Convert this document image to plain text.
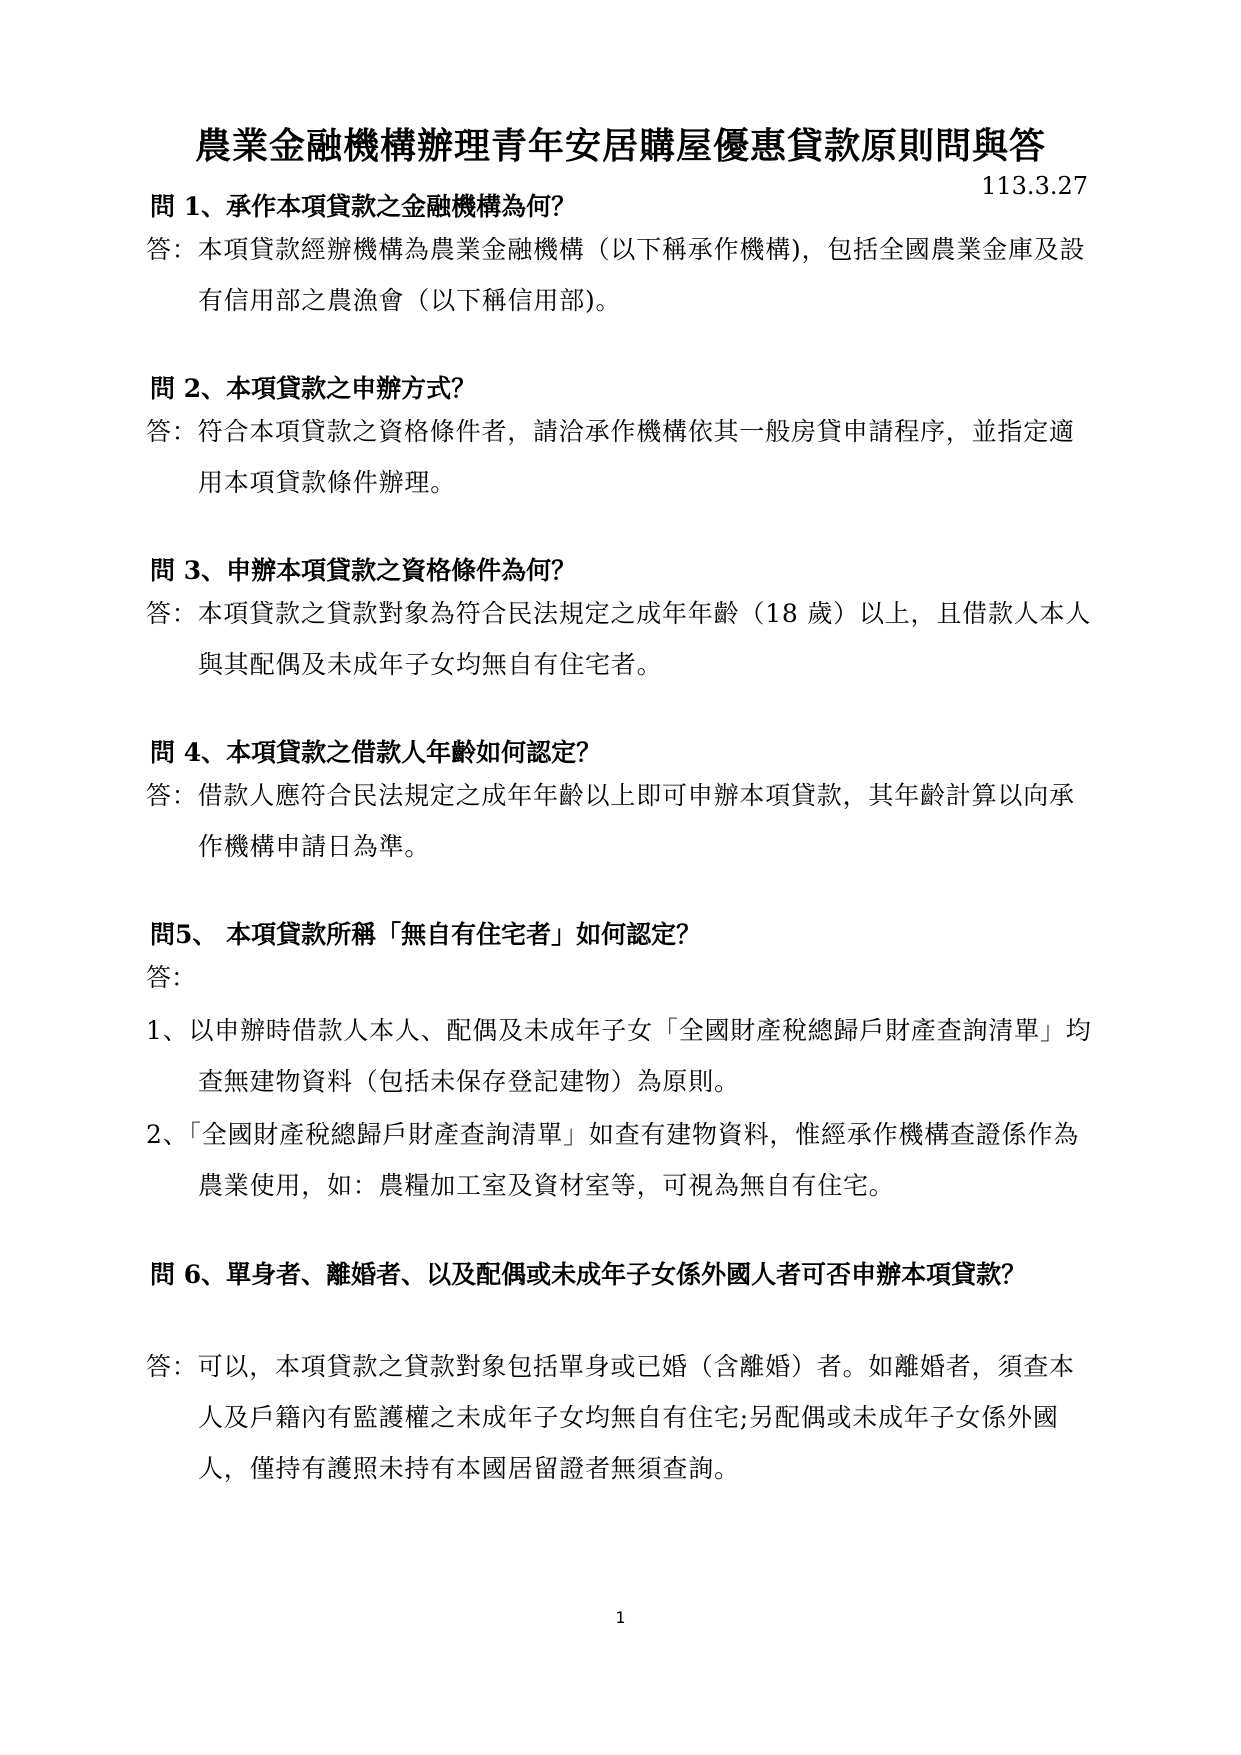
農業金融機構辦理青年安居購屋優惠貸款原則問與答
113.3.27
問 1、承作本項貸款之金融機構為何？
答：本項貸款經辦機構為農業金融機構（以下稱承作機構)，包括全國農業金庫及設有信用部之農漁會（以下稱信用部)。
問 2、本項貸款之申辦方式？
答：符合本項貸款之資格條件者，請洽承作機構依其一般房貸申請程序，並指定適用本項貸款條件辦理。
問 3、申辦本項貸款之資格條件為何？
答：本項貸款之貸款對象為符合民法規定之成年年齡（18 歲）以上，且借款人本人與其配偶及未成年子女均無自有住宅者。
問 4、本項貸款之借款人年齡如何認定？
答：借款人應符合民法規定之成年年齡以上即可申辦本項貸款，其年齡計算以向承作機構申請日為準。
問5、 本項貸款所稱「無自有住宅者」如何認定？
答：
1、以申辦時借款人本人、配偶及未成年子女「全國財產稅總歸戶財產查詢清單」均查無建物資料（包括未保存登記建物）為原則。
2、「全國財產稅總歸戶財產查詢清單」如查有建物資料，惟經承作機構查證係作為農業使用，如：農糧加工室及資材室等，可視為無自有住宅。
問 6、單身者、離婚者、以及配偶或未成年子女係外國人者可否申辦本項貸款？
答：可以，本項貸款之貸款對象包括單身或已婚（含離婚）者。如離婚者，須查本人及戶籍內有監護權之未成年子女均無自有住宅;另配偶或未成年子女係外國人，僅持有護照未持有本國居留證者無須查詢。
1
